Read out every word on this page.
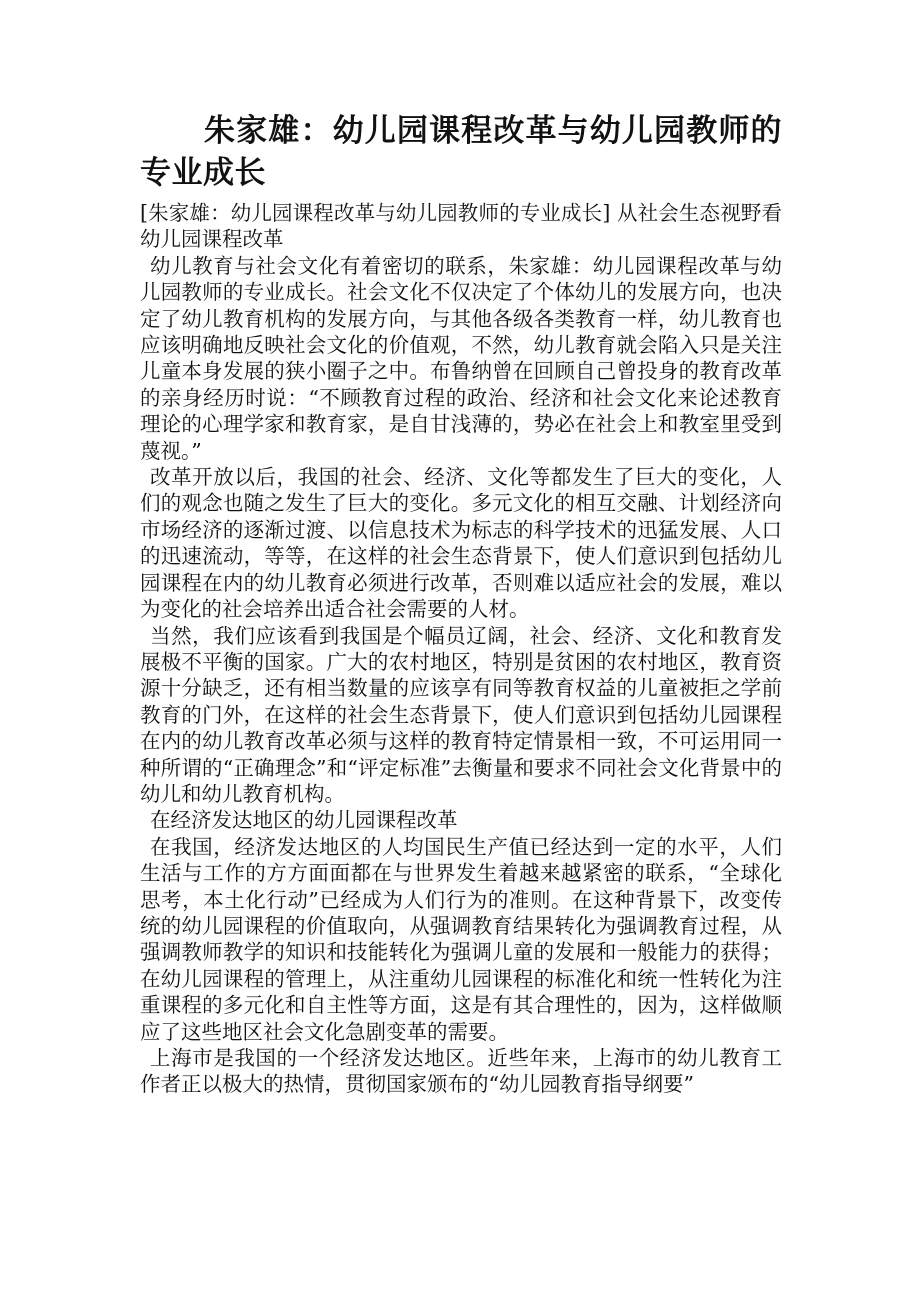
朱家雄：幼儿园课程改革与幼儿园教师的专业成长

[朱家雄：幼儿园课程改革与幼儿园教师的专业成长] 从社会生态视野看幼儿园课程改革

幼儿教育与社会文化有着密切的联系，朱家雄：幼儿园课程改革与幼儿园教师的专业成长。社会文化不仅决定了个体幼儿的发展方向，也决定了幼儿教育机构的发展方向，与其他各级各类教育一样，幼儿教育也应该明确地反映社会文化的价值观，不然，幼儿教育就会陷入只是关注儿童本身发展的狭小圈子之中。布鲁纳曾在回顾自己曾投身的教育改革的亲身经历时说：“不顾教育过程的政治、经济和社会文化来论述教育理论的心理学家和教育家，是自甘浅薄的，势必在社会上和教室里受到蔑视。”

改革开放以后，我国的社会、经济、文化等都发生了巨大的变化，人们的观念也随之发生了巨大的变化。多元文化的相互交融、计划经济向市场经济的逐渐过渡、以信息技术为标志的科学技术的迅猛发展、人口的迅速流动，等等，在这样的社会生态背景下，使人们意识到包括幼儿园课程在内的幼儿教育必须进行改革，否则难以适应社会的发展，难以为变化的社会培养出适合社会需要的人材。

当然，我们应该看到我国是个幅员辽阔，社会、经济、文化和教育发展极不平衡的国家。广大的农村地区，特别是贫困的农村地区，教育资源十分缺乏，还有相当数量的应该享有同等教育权益的儿童被拒之学前教育的门外，在这样的社会生态背景下，使人们意识到包括幼儿园课程在内的幼儿教育改革必须与这样的教育特定情景相一致，不可运用同一种所谓的“正确理念”和“评定标准”去衡量和要求不同社会文化背景中的幼儿和幼儿教育机构。

在经济发达地区的幼儿园课程改革

在我国，经济发达地区的人均国民生产值已经达到一定的水平，人们生活与工作的方方面面都在与世界发生着越来越紧密的联系，“全球化思考，本土化行动”已经成为人们行为的准则。在这种背景下，改变传统的幼儿园课程的价值取向，从强调教育结果转化为强调教育过程，从强调教师教学的知识和技能转化为强调儿童的发展和一般能力的获得；在幼儿园课程的管理上，从注重幼儿园课程的标准化和统一性转化为注重课程的多元化和自主性等方面，这是有其合理性的，因为，这样做顺应了这些地区社会文化急剧变革的需要。

上海市是我国的一个经济发达地区。近些年来，上海市的幼儿教育工作者正以极大的热情，贯彻国家颁布的“幼儿园教育指导纲要”
